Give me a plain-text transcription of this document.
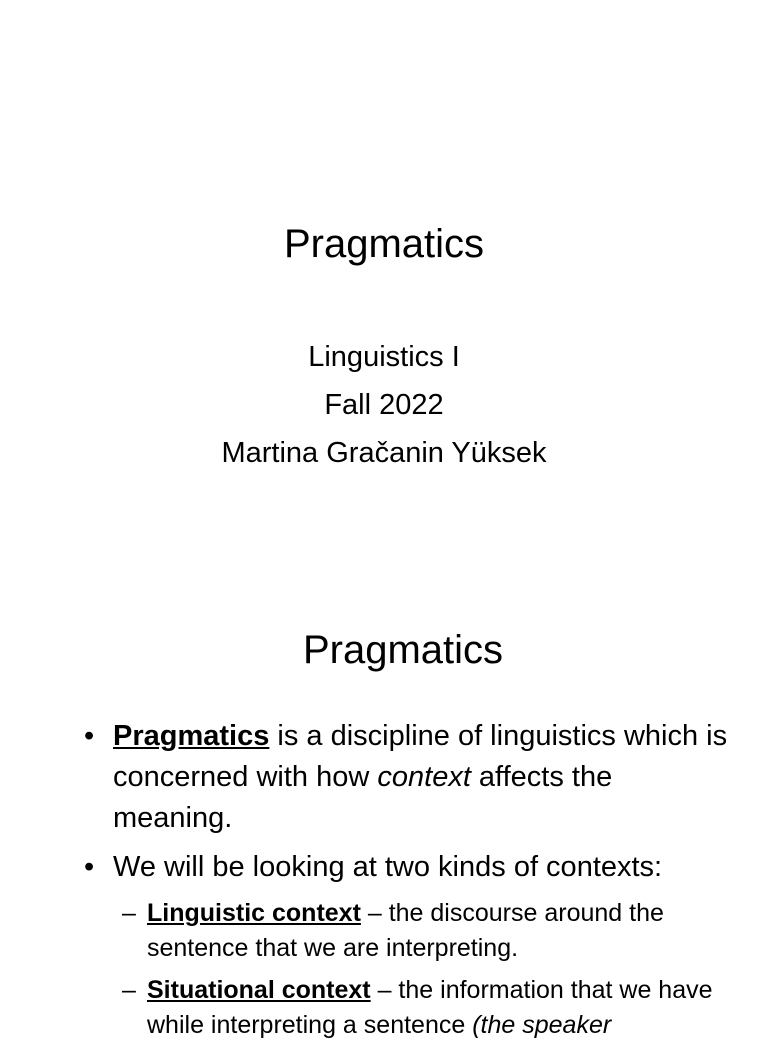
Pragmatics
Linguistics I
Fall 2022
Martina Gračanin Yüksek
Pragmatics
• Pragmatics is a discipline of linguistics which is concerned with how context affects the meaning.
• We will be looking at two kinds of contexts:
– Linguistic context – the discourse around the sentence that we are interpreting.
– Situational context – the information that we have while interpreting a sentence (the speaker
